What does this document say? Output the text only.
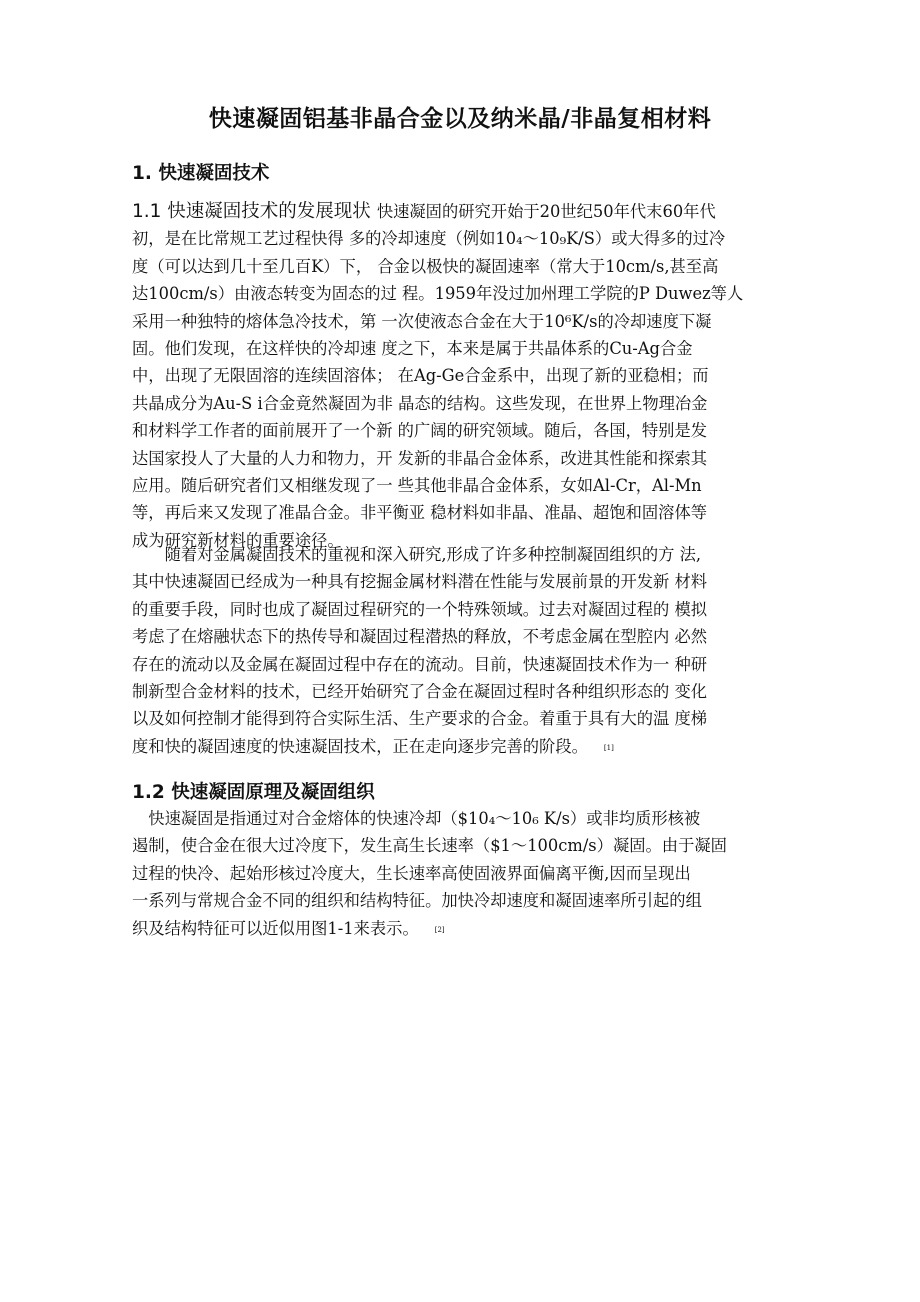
快速凝固铝基非晶合金以及纳米晶/非晶复相材料
1. 快速凝固技术
1.1 快速凝固技术的发展现状 快速凝固的研究开始于20世纪50年代末60年代
初，是在比常规工艺过程快得 多的冷却速度（例如10₄～10₉K/S）或大得多的过冷
度（可以达到几十至几百K）下， 合金以极快的凝固速率（常大于10cm/s,甚至高
达100cm/s）由液态转变为固态的过 程。1959年没过加州理工学院的P Duwez等人
采用一种独特的熔体急冷技术，第 一次使液态合金在大于10⁶K/s的冷却速度下凝
固。他们发现，在这样快的冷却速 度之下，本来是属于共晶体系的Cu-Ag合金
中，出现了无限固溶的连续固溶体； 在Ag-Ge合金系中，出现了新的亚稳相；而
共晶成分为Au-S i合金竟然凝固为非 晶态的结构。这些发现，在世界上物理冶金
和材料学工作者的面前展开了一个新 的广阔的研究领域。随后，各国，特别是发
达国家投人了大量的人力和物力，开 发新的非晶合金体系，改进其性能和探索其
应用。随后研究者们又相继发现了一 些其他非晶合金体系，女如Al-Cr，Al-Mn
等，再后来又发现了准晶合金。非平衡亚 稳材料如非晶、准晶、超饱和固溶体等
成为研究新材料的重要途径。
　　随着对金属凝固技术的重视和深入研究,形成了许多种控制凝固组织的方 法,
其中快速凝固已经成为一种具有挖掘金属材料潜在性能与发展前景的开发新 材料
的重要手段，同时也成了凝固过程研究的一个特殊领域。过去对凝固过程的 模拟
考虑了在熔融状态下的热传导和凝固过程潜热的释放，不考虑金属在型腔内 必然
存在的流动以及金属在凝固过程中存在的流动。目前，快速凝固技术作为一 种研
制新型合金材料的技术，已经开始研究了合金在凝固过程时各种组织形态的 变化
以及如何控制才能得到符合实际生活、生产要求的合金。着重于具有大的温 度梯
度和快的凝固速度的快速凝固技术，正在走向逐步完善的阶段。 [1]
1.2 快速凝固原理及凝固组织
　快速凝固是指通过对合金熔体的快速冷却（$10₄～10₆ K/s）或非均质形核被
遏制，使合金在很大过冷度下，发生高生长速率（$1～100cm/s）凝固。由于凝固
过程的快冷、起始形核过冷度大，生长速率高使固液界面偏离平衡,因而呈现出
一系列与常规合金不同的组织和结构特征。加快冷却速度和凝固速率所引起的组
织及结构特征可以近似用图1-1来表示。 [2]
